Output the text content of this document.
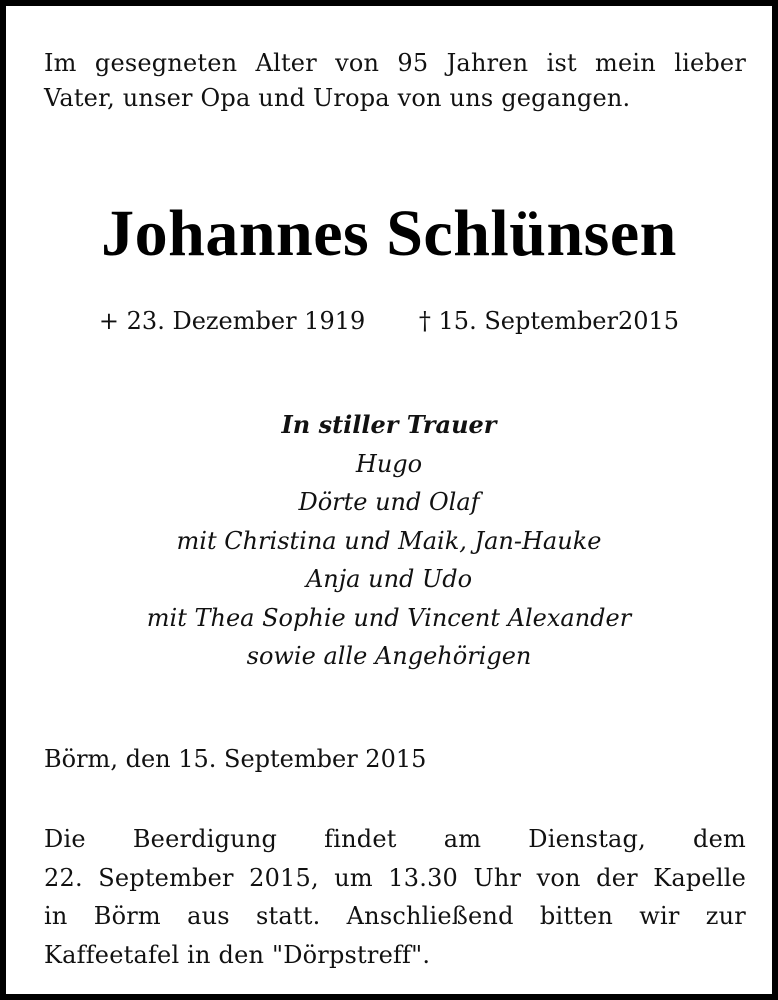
Im gesegneten Alter von 95 Jahren ist mein lieber
Vater, unser Opa und Uropa von uns gegangen.
Johannes Schlünsen
+ 23. Dezember 1919 † 15. September2015
In stiller Trauer
Hugo
Dörte und Olaf
mit Christina und Maik, Jan-Hauke
Anja und Udo
mit Thea Sophie und Vincent Alexander
sowie alle Angehörigen
Börm, den 15. September 2015
Die Beerdigung findet am Dienstag, dem
22. September 2015, um 13.30 Uhr von der Kapelle
in Börm aus statt. Anschließend bitten wir zur
Kaffeetafel in den "Dörpstreff".
